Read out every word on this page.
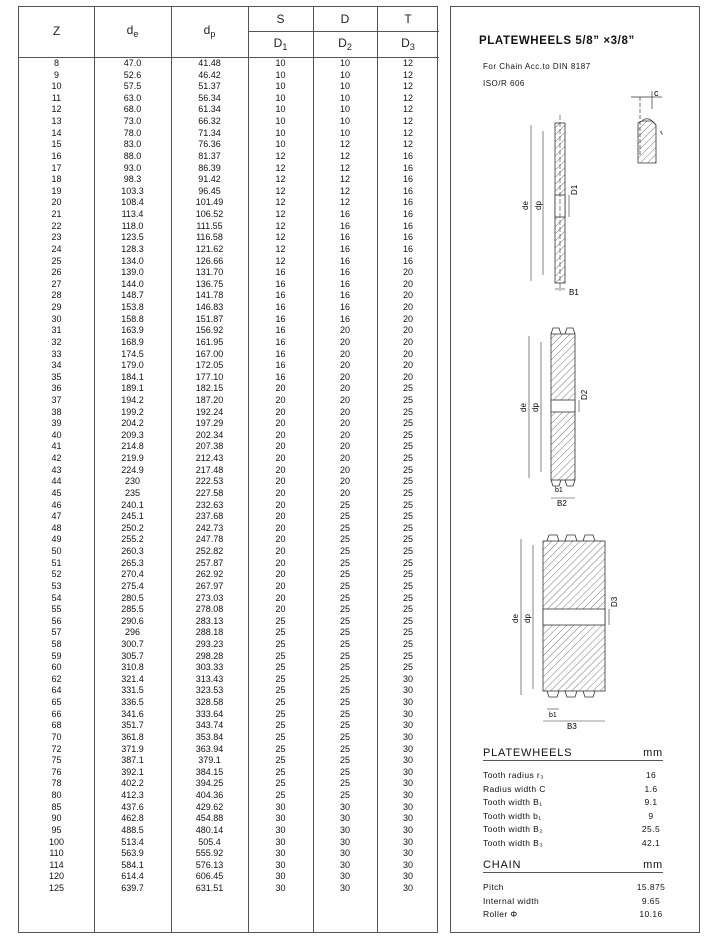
Z	$d_e$	$d_p$
S	D	T
$D_1$	$D_2$	$D_3$
8	47.0	41.48	10	10	12
9	52.6	46.42	10	10	12
10	57.5	51.37	10	10	12
11	63.0	56.34	10	10	12
12	68.0	61.34	10	10	12
13	73.0	66.32	10	10	12
14	78.0	71.34	10	10	12
15	83.0	76.36	10	12	12
16	88.0	81.37	12	12	16
17	93.0	86.39	12	12	16
18	98.3	91.42	12	12	16
19	103.3	96.45	12	12	16
20	108.4	101.49	12	12	16
21	113.4	106.52	12	16	16
22	118.0	111.55	12	16	16
23	123.5	116.58	12	16	16
24	128.3	121.62	12	16	16
25	134.0	126.66	12	16	16
26	139.0	131.70	16	16	20
27	144.0	136.75	16	16	20
28	148.7	141.78	16	16	20
29	153.8	146.83	16	16	20
30	158.8	151.87	16	16	20
31	163.9	156.92	16	20	20
32	168.9	161.95	16	20	20
33	174.5	167.00	16	20	20
34	179.0	172.05	16	20	20
35	184.1	177.10	16	20	20
36	189.1	182.15	20	20	25
37	194.2	187.20	20	20	25
38	199.2	192.24	20	20	25
39	204.2	197.29	20	20	25
40	209.3	202.34	20	20	25
41	214.8	207.38	20	20	25
42	219.9	212.43	20	20	25
43	224.9	217.48	20	20	25
44	230	222.53	20	20	25
45	235	227.58	20	20	25
46	240.1	232.63	20	25	25
47	245.1	237.68	20	25	25
48	250.2	242.73	20	25	25
49	255.2	247.78	20	25	25
50	260.3	252.82	20	25	25
51	265.3	257.87	20	25	25
52	270.4	262.92	20	25	25
53	275.4	267.97	20	25	25
54	280.5	273.03	20	25	25
55	285.5	278.08	20	25	25
56	290.6	283.13	25	25	25
57	296	288.18	25	25	25
58	300.7	293.23	25	25	25
59	305.7	298.28	25	25	25
60	310.8	303.33	25	25	25
62	321.4	313.43	25	25	30
64	331.5	323.53	25	25	30
65	336.5	328.58	25	25	30
66	341.6	333.64	25	25	30
68	351.7	343.74	25	25	30
70	361.8	353.84	25	25	30
72	371.9	363.94	25	25	30
75	387.1	379.1	25	25	30
76	392.1	384.15	25	25	30
78	402.2	394.25	25	25	30
80	412.3	404.36	25	25	30
85	437.6	429.62	30	30	30
90	462.8	454.88	30	30	30
95	488.5	480.14	30	30	30
100	513.4	505.4	30	30	30
110	563.9	555.92	30	30	30
114	584.1	576.13	30	30	30
120	614.4	606.45	30	30	30
125	639.7	631.51	30	30	30
PLATEWHEELS 5/8” ×3/8”
For Chain Acc.to DIN 8187
ISO/R 606
c
r
de dp
D1
B1
de dp
D2
b1
B2
de dp
D3
b1
B3
PLATEWHEELS	mm
Tooth radius r₃	16
Radius width C	1.6
Tooth width B₁	9.1
Tooth width b₁	9
Tooth width B₂	25.5
Tooth width B₃	42.1
CHAIN	mm
Pitch	15.875
Internal width	9.65
Roller Φ	10.16
